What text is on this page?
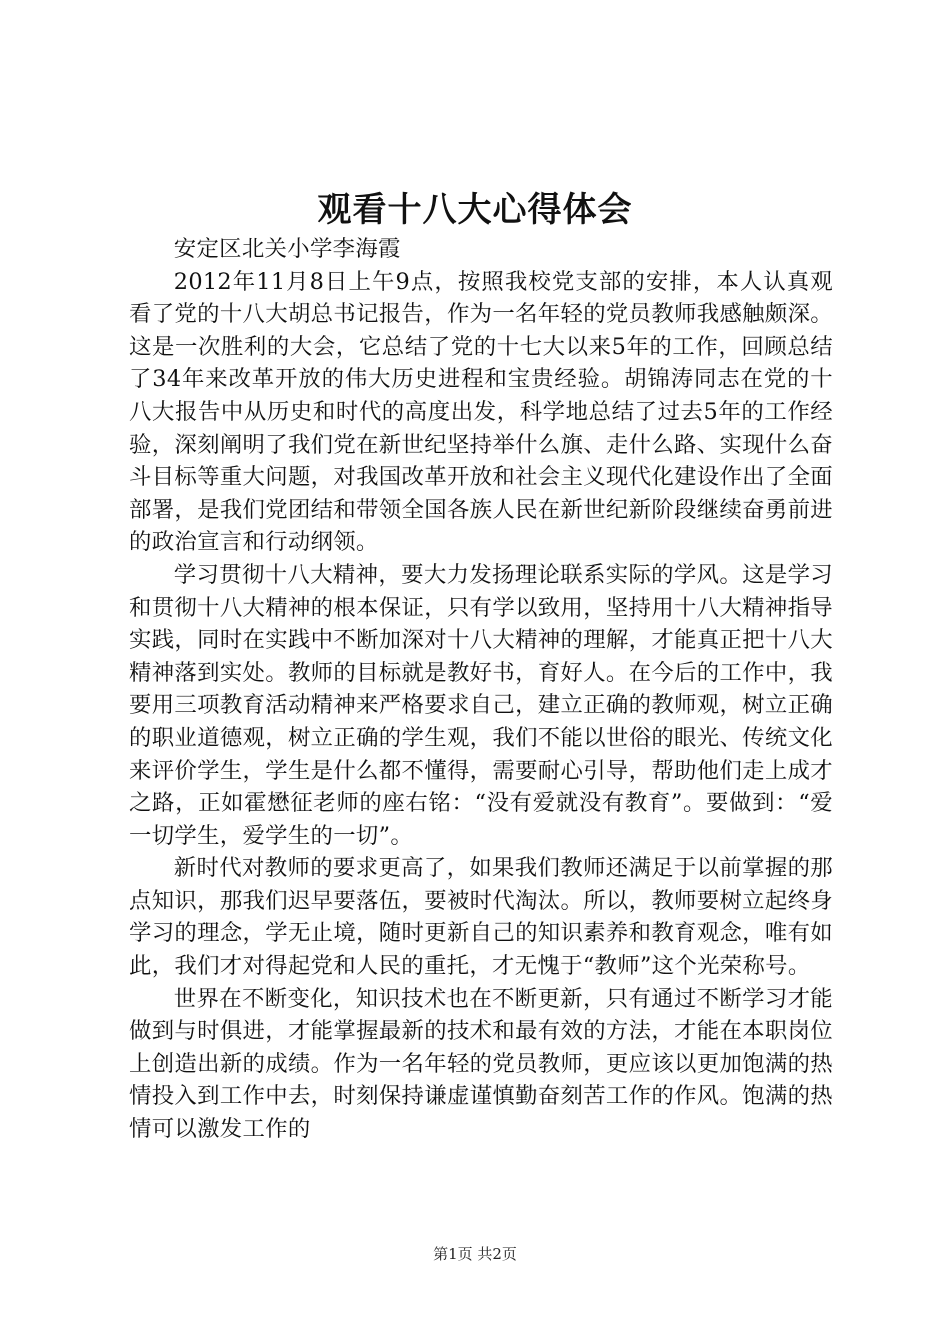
观看十八大心得体会

安定区北关小学李海霞

2012年11月8日上午9点，按照我校党支部的安排，本人认真观看了党的十八大胡总书记报告，作为一名年轻的党员教师我感触颇深。这是一次胜利的大会，它总结了党的十七大以来5年的工作，回顾总结了34年来改革开放的伟大历史进程和宝贵经验。胡锦涛同志在党的十八大报告中从历史和时代的高度出发，科学地总结了过去5年的工作经验，深刻阐明了我们党在新世纪坚持举什么旗、走什么路、实现什么奋斗目标等重大问题，对我国改革开放和社会主义现代化建设作出了全面部署，是我们党团结和带领全国各族人民在新世纪新阶段继续奋勇前进的政治宣言和行动纲领。

学习贯彻十八大精神，要大力发扬理论联系实际的学风。这是学习和贯彻十八大精神的根本保证，只有学以致用，坚持用十八大精神指导实践，同时在实践中不断加深对十八大精神的理解，才能真正把十八大精神落到实处。教师的目标就是教好书，育好人。在今后的工作中，我要用三项教育活动精神来严格要求自己，建立正确的教师观，树立正确的职业道德观，树立正确的学生观，我们不能以世俗的眼光、传统文化来评价学生，学生是什么都不懂得，需要耐心引导，帮助他们走上成才之路，正如霍懋征老师的座右铭：“没有爱就没有教育”。要做到：“爱一切学生，爱学生的一切”。

新时代对教师的要求更高了，如果我们教师还满足于以前掌握的那点知识，那我们迟早要落伍，要被时代淘汰。所以，教师要树立起终身学习的理念，学无止境，随时更新自己的知识素养和教育观念，唯有如此，我们才对得起党和人民的重托，才无愧于“教师”这个光荣称号。

世界在不断变化，知识技术也在不断更新，只有通过不断学习才能做到与时俱进，才能掌握最新的技术和最有效的方法，才能在本职岗位上创造出新的成绩。作为一名年轻的党员教师，更应该以更加饱满的热情投入到工作中去，时刻保持谦虚谨慎勤奋刻苦工作的作风。饱满的热情可以激发工作的

第1页 共2页
